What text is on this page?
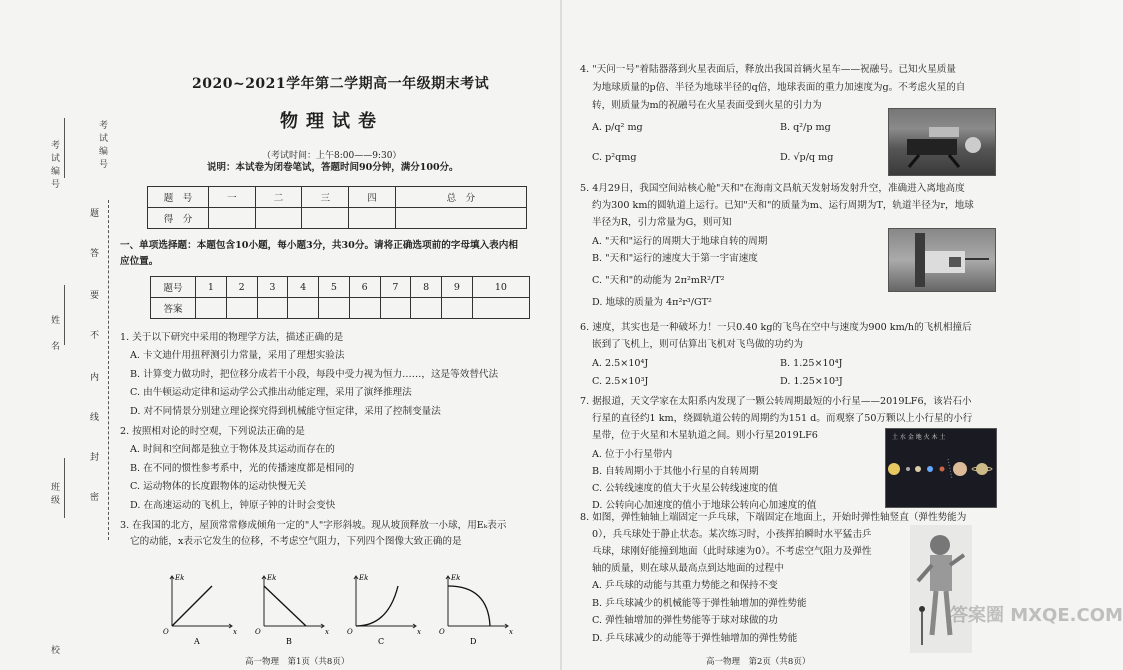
考试编号
姓　名
班级
校
题
答
要
不
内
线
封
密
考试编号
2020~2021学年第二学期高一年级期末考试
物理试卷
（考试时间：上午8:00——9:30）
说明：本试卷为闭卷笔试，答题时间90分钟，满分100分。
题　号	一	二	三	四	总　分
得　分					
一、单项选择题：本题包含10小题，每小题3分，共30分。请将正确选项前的字母填入表内相
应位置。
题号	1	2	3	4	5	6	7	8	9	10
答案										
1. 关于以下研究中采用的物理学方法，描述正确的是
A. 卡文迪什用扭秤测引力常量，采用了理想实验法
B. 计算变力做功时，把位移分成若干小段，每段中受力视为恒力……，这是等效替代法
C. 由牛顿运动定律和运动学公式推出动能定理，采用了演绎推理法
D. 对不同情景分别建立理论探究得到机械能守恒定律，采用了控制变量法
2. 按照相对论的时空观，下列说法正确的是
A. 时间和空间都是独立于物体及其运动而存在的
B. 在不同的惯性参考系中，光的传播速度都是相同的
C. 运动物体的长度跟物体的运动快慢无关
D. 在高速运动的飞机上，钟原子钟的计时会变快
3. 在我国的北方，屋顶常常修成倾角一定的"人"字形斜坡。现从坡顶释放一小球，用Eₖ表示
它的动能，x表示它发生的位移，不考虑空气阻力，下列四个图像大致正确的是
Ek
x
O
A
Ek
x
O
B
Ek
x
O
C
Ek
x
O
D
高一物理　第1页（共8页）
4. "天问一号"着陆器落到火星表面后，释放出我国首辆火星车——祝融号。已知火星质量
为地球质量的p倍、半径为地球半径的q倍，地球表面的重力加速度为g。不考虑火星的自
转，则质量为m的祝融号在火星表面受到火星的引力为
A. p/q² mg	B. q²/p mg
C. p²qmg	D. √p/q mg
5. 4月29日，我国空间站核心舱"天和"在海南文昌航天发射场发射升空，准确进入离地高度
约为300 km的圆轨道上运行。已知"天和"的质量为m、运行周期为T，轨道半径为r，地球
半径为R，引力常量为G，则可知
A. "天和"运行的周期大于地球自转的周期
B. "天和"运行的速度大于第一宇宙速度
C. "天和"的动能为 2π²mR²/T²
D. 地球的质量为 4π²r³/GT²
6. 速度，其实也是一种破坏力！一只0.40 kg的飞鸟在空中与速度为900 km/h的飞机相撞后
嵌到了飞机上，则可估算出飞机对飞鸟做的功约为
A. 2.5×10⁴J	B. 1.25×10⁴J
C. 2.5×10³J	D. 1.25×10³J
7. 据报道，天文学家在太阳系内发现了一颗公转周期最短的小行星——2019LF6，该岩石小
行星的直径约1 km，绕圆轨道公转的周期约为151 d。而观察了50万颗以上小行星的小行
星带，位于火星和木星轨道之间。则小行星2019LF6
A. 位于小行星带内
B. 自转周期小于其他小行星的自转周期
C. 公转线速度的值大于火星公转线速度的值
D. 公转向心加速度的值小于地球公转向心加速度的值
8. 如图，弹性轴轴上端固定一乒乓球，下端固定在地面上，开始时弹性轴竖直（弹性势能为
0），兵乓球处于静止状态。某次练习时，小孩挥拍瞬时水平猛击乒
乓球，球刚好能撞到地面（此时球速为0）。不考虑空气阻力及弹性
轴的质量，则在球从最高点到达地面的过程中
A. 乒乓球的动能与其重力势能之和保持不变
B. 乒乓球减少的机械能等于弹性轴增加的弹性势能
C. 弹性轴增加的弹性势能等于球对球做的功
D. 乒乓球减少的动能等于弹性轴增加的弹性势能
土 水 金 地 火 木 土
高一物理　第2页（共8页）
答案圈 MXQE.COM
